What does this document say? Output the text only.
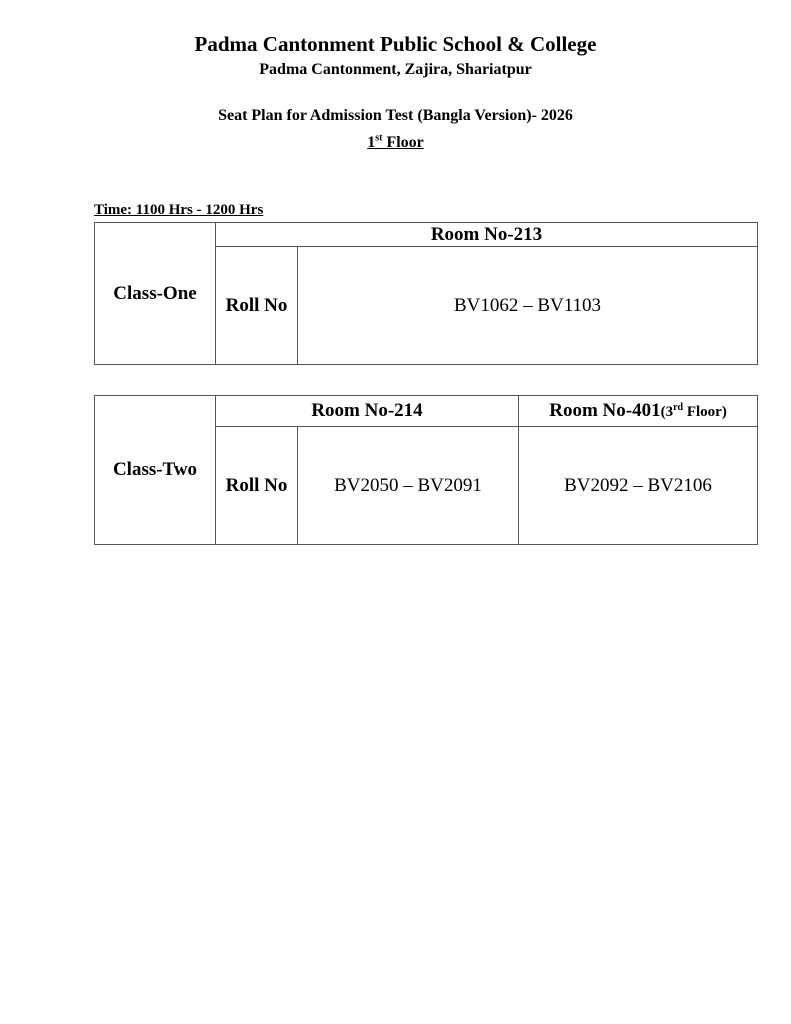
Padma Cantonment Public School & College
Padma Cantonment, Zajira, Shariatpur
Seat Plan for Admission Test (Bangla Version)- 2026
1st Floor
Time: 1100 Hrs - 1200 Hrs
Class-One	Room No-213	
	Roll No	BV1062 – BV1103
Class-Two	Room No-214		Room No-401(3rd Floor)
	Roll No	BV2050 – BV2091	BV2092 – BV2106
